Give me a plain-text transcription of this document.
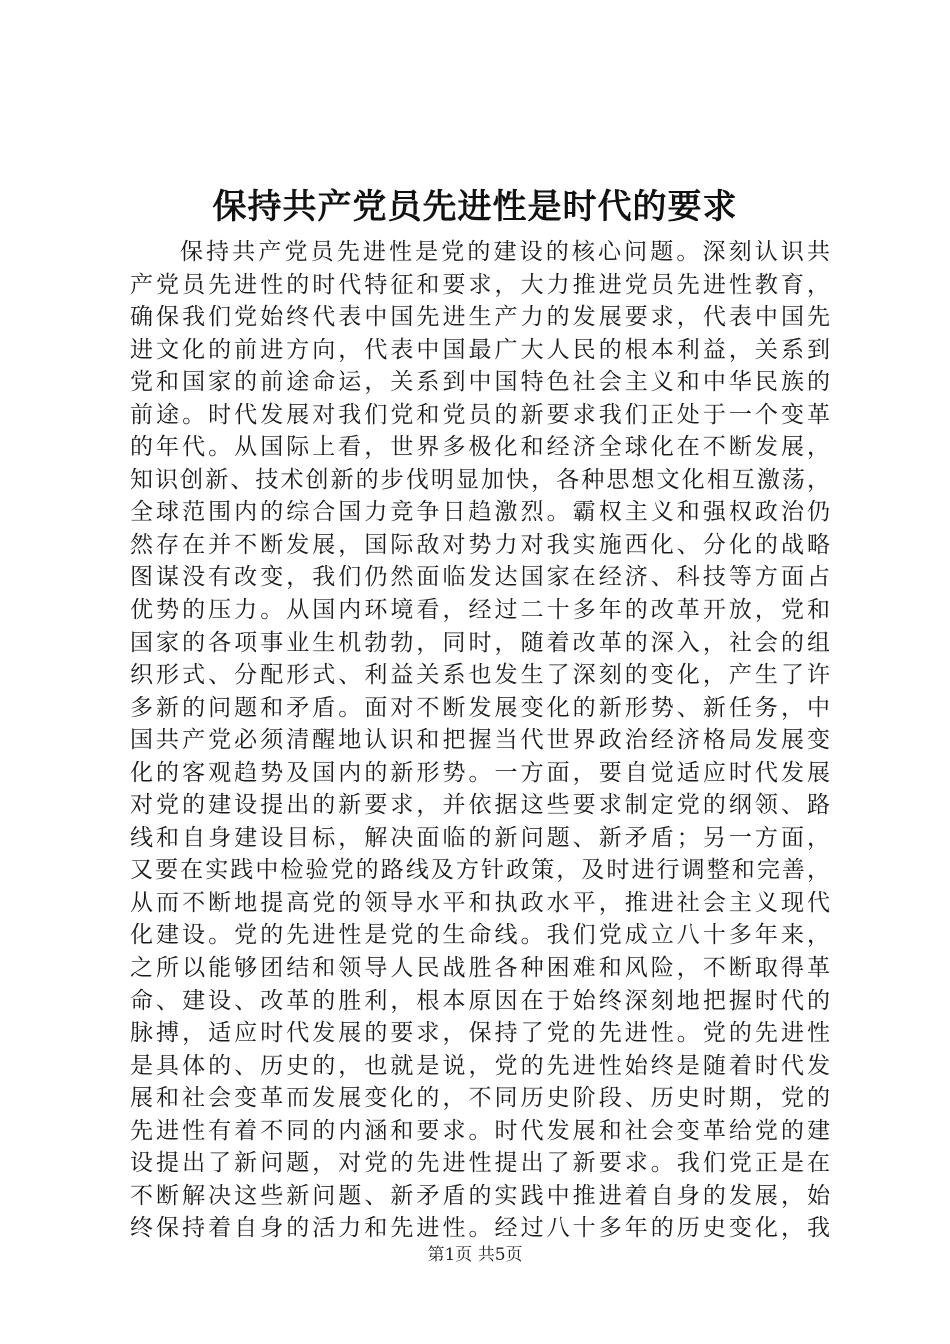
保持共产党员先进性是时代的要求
保持共产党员先进性是党的建设的核心问题。深刻认识共
产党员先进性的时代特征和要求，大力推进党员先进性教育，
确保我们党始终代表中国先进生产力的发展要求，代表中国先
进文化的前进方向，代表中国最广大人民的根本利益，关系到
党和国家的前途命运，关系到中国特色社会主义和中华民族的
前途。时代发展对我们党和党员的新要求我们正处于一个变革
的年代。从国际上看，世界多极化和经济全球化在不断发展，
知识创新、技术创新的步伐明显加快，各种思想文化相互激荡，
全球范围内的综合国力竞争日趋激烈。霸权主义和强权政治仍
然存在并不断发展，国际敌对势力对我实施西化、分化的战略
图谋没有改变，我们仍然面临发达国家在经济、科技等方面占
优势的压力。从国内环境看，经过二十多年的改革开放，党和
国家的各项事业生机勃勃，同时，随着改革的深入，社会的组
织形式、分配形式、利益关系也发生了深刻的变化，产生了许
多新的问题和矛盾。面对不断发展变化的新形势、新任务，中
国共产党必须清醒地认识和把握当代世界政治经济格局发展变
化的客观趋势及国内的新形势。一方面，要自觉适应时代发展
对党的建设提出的新要求，并依据这些要求制定党的纲领、路
线和自身建设目标，解决面临的新问题、新矛盾；另一方面，
又要在实践中检验党的路线及方针政策，及时进行调整和完善，
从而不断地提高党的领导水平和执政水平，推进社会主义现代
化建设。党的先进性是党的生命线。我们党成立八十多年来，
之所以能够团结和领导人民战胜各种困难和风险，不断取得革
命、建设、改革的胜利，根本原因在于始终深刻地把握时代的
脉搏，适应时代发展的要求，保持了党的先进性。党的先进性
是具体的、历史的，也就是说，党的先进性始终是随着时代发
展和社会变革而发展变化的，不同历史阶段、历史时期，党的
先进性有着不同的内涵和要求。时代发展和社会变革给党的建
设提出了新问题，对党的先进性提出了新要求。我们党正是在
不断解决这些新问题、新矛盾的实践中推进着自身的发展，始
终保持着自身的活力和先进性。经过八十多年的历史变化，我
第1页 共5页
